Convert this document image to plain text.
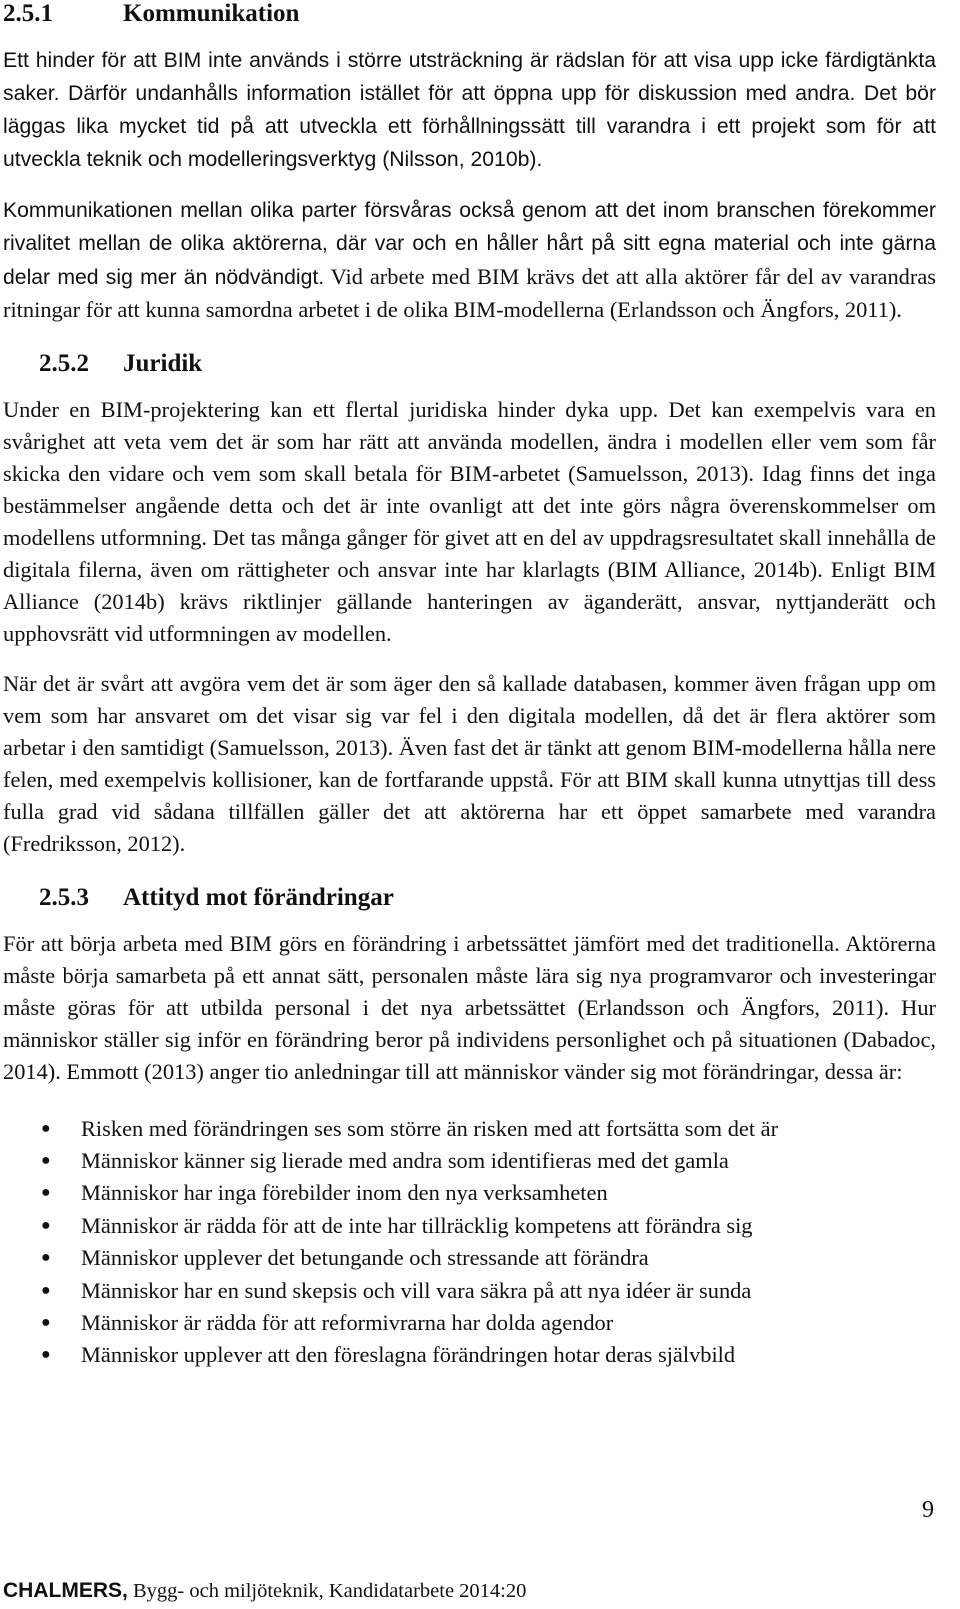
2.5.1	Kommunikation

Ett hinder för att BIM inte används i större utsträckning är rädslan för att visa upp icke färdigtänkta saker. Därför undanhålls information istället för att öppna upp för diskussion med andra. Det bör läggas lika mycket tid på att utveckla ett förhållningssätt till varandra i ett projekt som för att utveckla teknik och modelleringsverktyg (Nilsson, 2010b).

Kommunikationen mellan olika parter försvåras också genom att det inom branschen förekommer rivalitet mellan de olika aktörerna, där var och en håller hårt på sitt egna material och inte gärna delar med sig mer än nödvändigt. Vid arbete med BIM krävs det att alla aktörer får del av varandras ritningar för att kunna samordna arbetet i de olika BIM-modellerna (Erlandsson och Ängfors, 2011).

2.5.2	Juridik

Under en BIM-projektering kan ett flertal juridiska hinder dyka upp. Det kan exempelvis vara en svårighet att veta vem det är som har rätt att använda modellen, ändra i modellen eller vem som får skicka den vidare och vem som skall betala för BIM-arbetet (Samuelsson, 2013). Idag finns det inga bestämmelser angående detta och det är inte ovanligt att det inte görs några överenskommelser om modellens utformning. Det tas många gånger för givet att en del av uppdragsresultatet skall innehålla de digitala filerna, även om rättigheter och ansvar inte har klarlagts (BIM Alliance, 2014b). Enligt BIM Alliance (2014b) krävs riktlinjer gällande hanteringen av äganderätt, ansvar, nyttjanderätt och upphovsrätt vid utformningen av modellen.

När det är svårt att avgöra vem det är som äger den så kallade databasen, kommer även frågan upp om vem som har ansvaret om det visar sig var fel i den digitala modellen, då det är flera aktörer som arbetar i den samtidigt (Samuelsson, 2013). Även fast det är tänkt att genom BIM-modellerna hålla nere felen, med exempelvis kollisioner, kan de fortfarande uppstå. För att BIM skall kunna utnyttjas till dess fulla grad vid sådana tillfällen gäller det att aktörerna har ett öppet samarbete med varandra (Fredriksson, 2012).

2.5.3	Attityd mot förändringar

För att börja arbeta med BIM görs en förändring i arbetssättet jämfört med det traditionella. Aktörerna måste börja samarbeta på ett annat sätt, personalen måste lära sig nya programvaror och investeringar måste göras för att utbilda personal i det nya arbetssättet (Erlandsson och Ängfors, 2011). Hur människor ställer sig inför en förändring beror på individens personlighet och på situationen (Dabadoc, 2014). Emmott (2013) anger tio anledningar till att människor vänder sig mot förändringar, dessa är:

● Risken med förändringen ses som större än risken med att fortsätta som det är
● Människor känner sig lierade med andra som identifieras med det gamla
● Människor har inga förebilder inom den nya verksamheten
● Människor är rädda för att de inte har tillräcklig kompetens att förändra sig
● Människor upplever det betungande och stressande att förändra
● Människor har en sund skepsis och vill vara säkra på att nya idéer är sunda
● Människor är rädda för att reformivrarna har dolda agendor
● Människor upplever att den föreslagna förändringen hotar deras självbild
9
CHALMERS, Bygg- och miljöteknik, Kandidatarbete 2014:20
